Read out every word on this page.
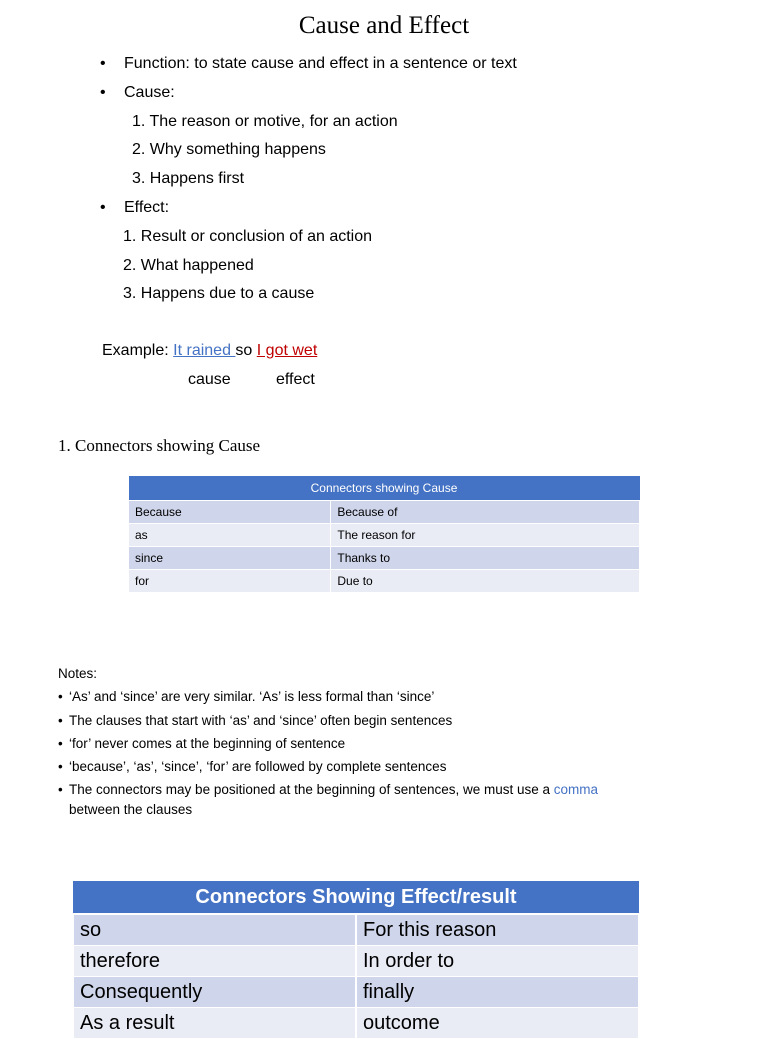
Cause and Effect
• Function: to state cause and effect in a sentence or text
• Cause:
1. The reason or motive, for an action
2. Why something happens
3. Happens first
• Effect:
1. Result or conclusion of an action
2. What happened
3. Happens due to a cause
Example: It rained so I got wet
cause	effect
1. Connectors showing Cause
Connectors showing Cause	
Because	Because of
as	The reason for
since	Thanks to
for	Due to

Notes:

• ‘As’ and ‘since’ are very similar. ‘As’ is less formal than ‘since’

• The clauses that start with ‘as’ and ‘since’ often begin sentences

• ‘for’ never comes at the beginning of sentence

• ‘because’, ‘as’, ‘since’, ‘for’ are followed by complete sentences

• The connectors may be positioned at the beginning of sentences, we must use a comma

between the clauses

Connectors Showing Effect/result	
so	For this reason
therefore	In order to
Consequently	finally
As a result	outcome
